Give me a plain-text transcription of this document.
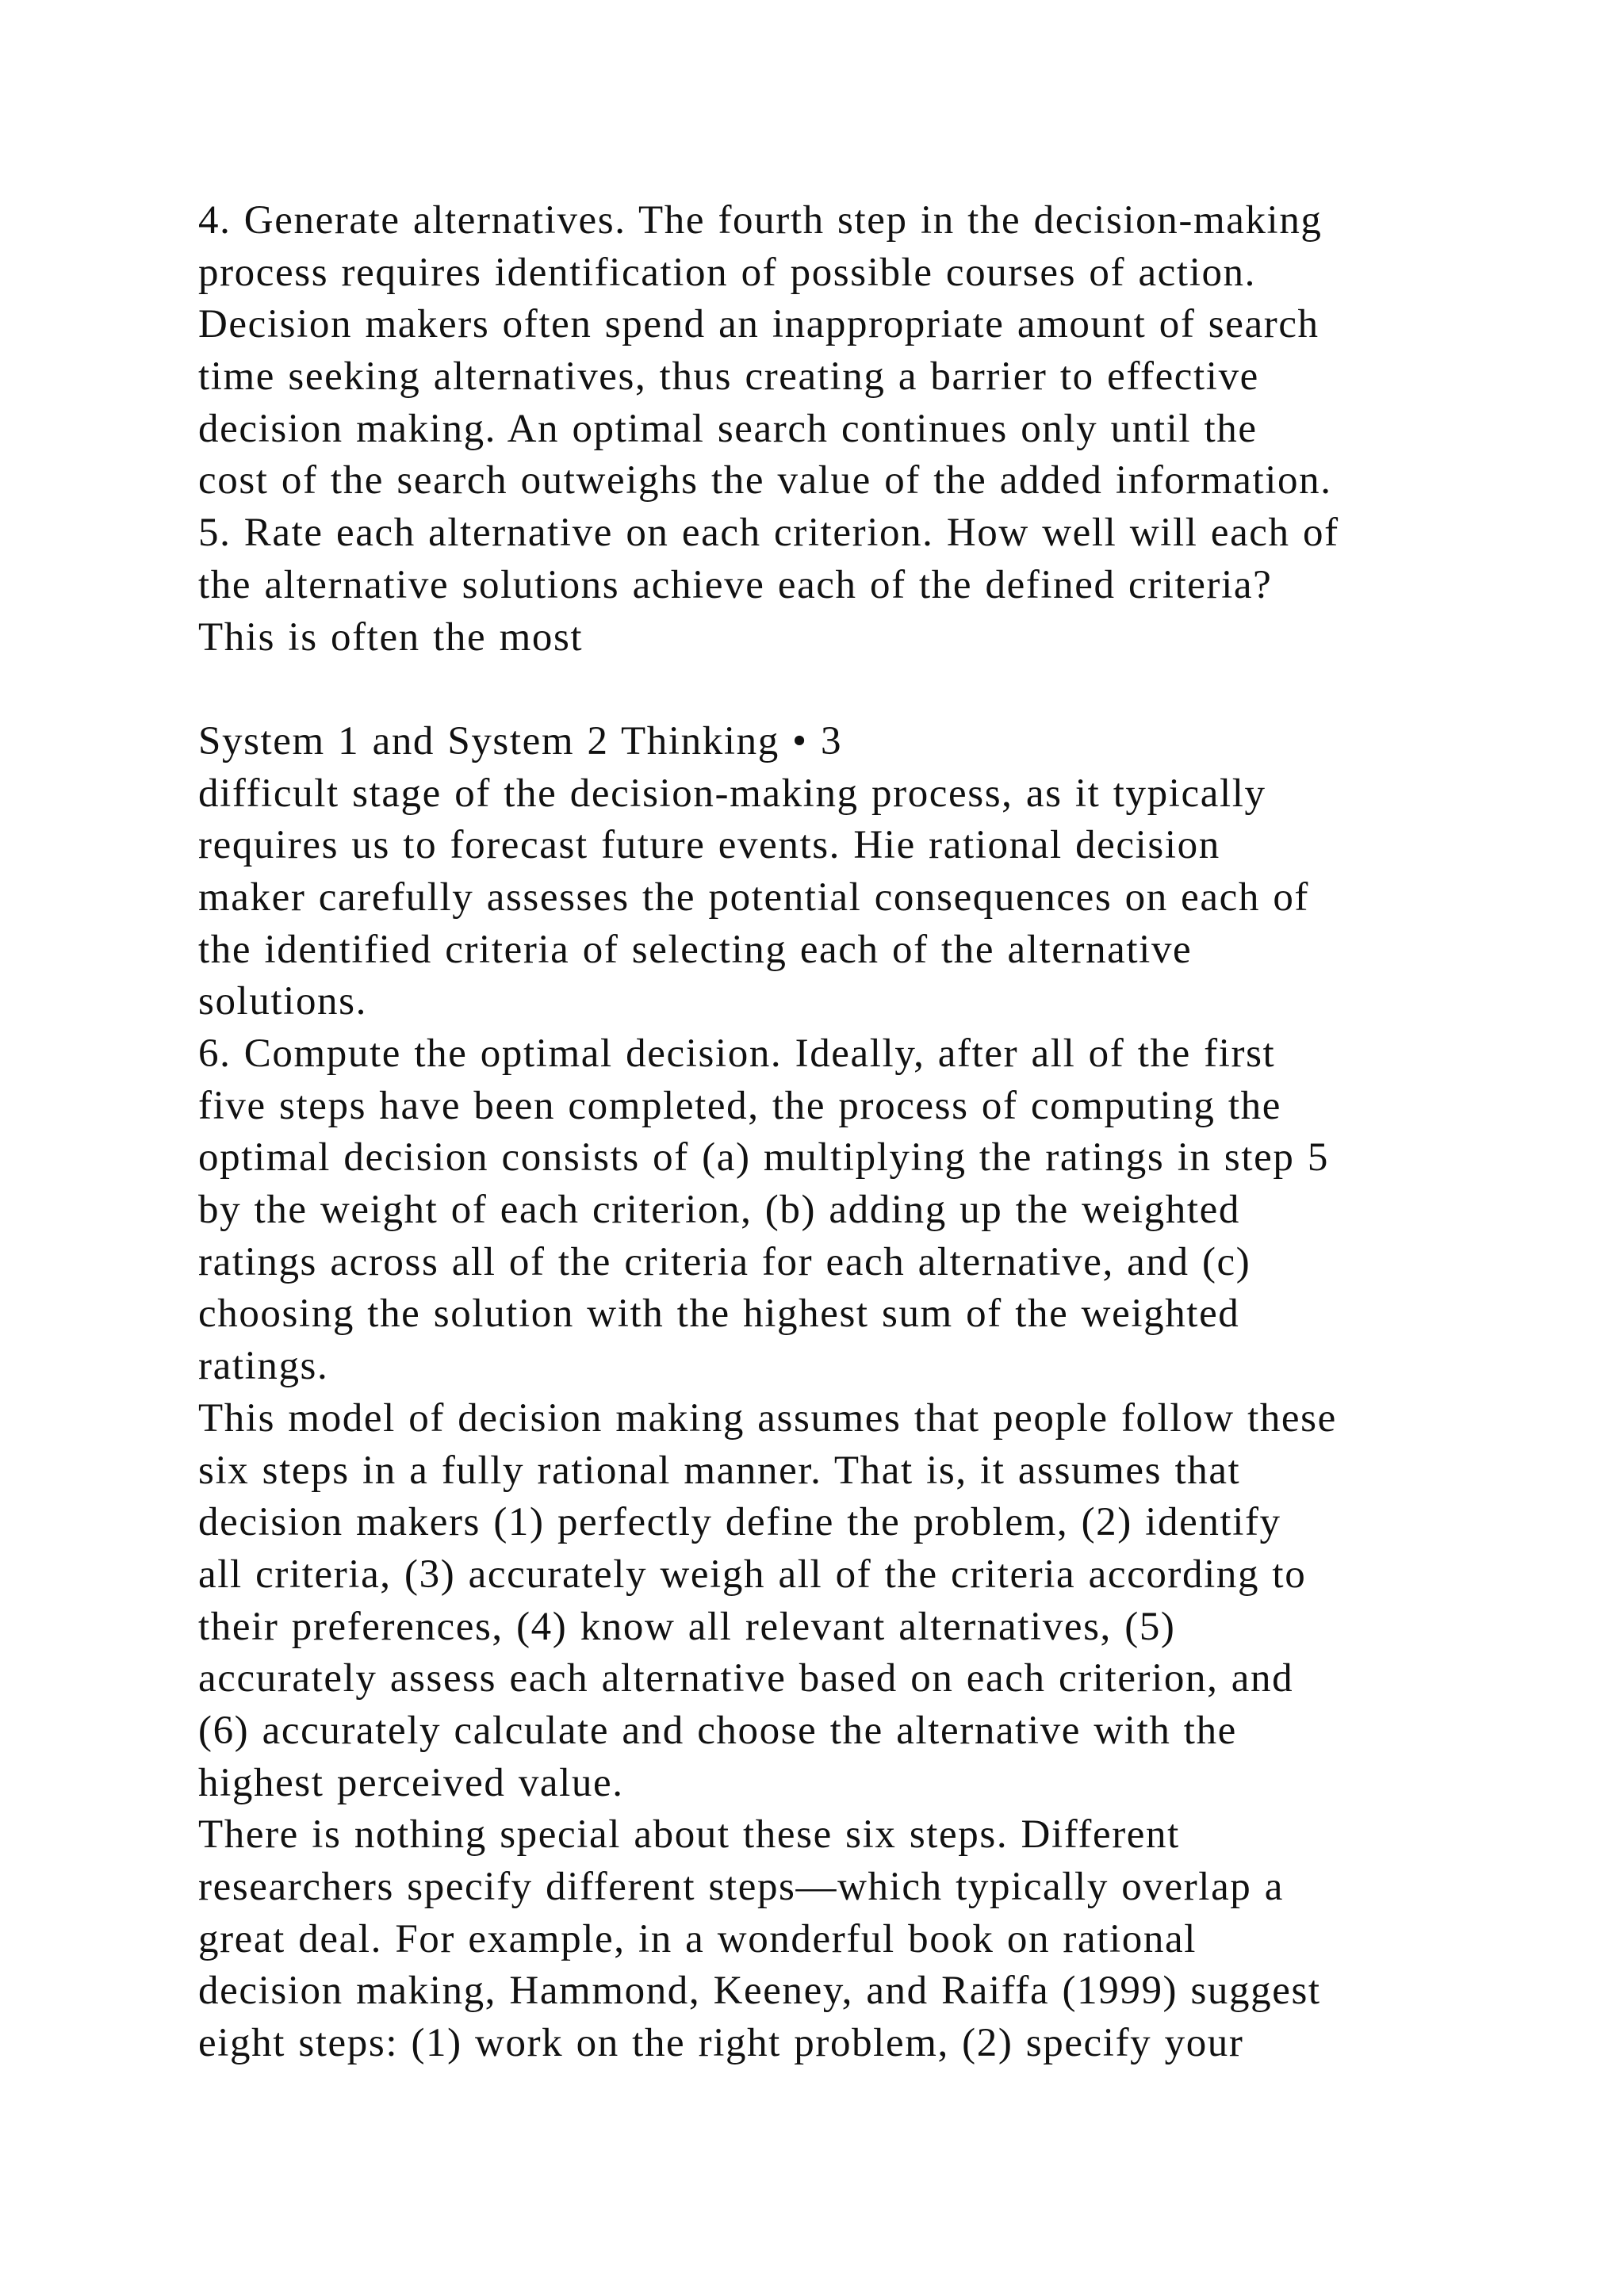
4. Generate alternatives. The fourth step in the decision-making
process requires identification of possible courses of action.
Decision makers often spend an inappropriate amount of search
time seeking alternatives, thus creating a barrier to effective
decision making. An optimal search continues only until the
cost of the search outweighs the value of the added information.
5. Rate each alternative on each criterion. How well will each of
the alternative solutions achieve each of the defined criteria?
This is often the most
System 1 and System 2 Thinking • 3
difficult stage of the decision-making process, as it typically
requires us to forecast future events. Hie rational decision
maker carefully assesses the potential consequences on each of
the identified criteria of selecting each of the alternative
solutions.
6. Compute the optimal decision. Ideally, after all of the first
five steps have been completed, the process of computing the
optimal decision consists of (a) multiplying the ratings in step 5
by the weight of each criterion, (b) adding up the weighted
ratings across all of the criteria for each alternative, and (c)
choosing the solution with the highest sum of the weighted
ratings.
This model of decision making assumes that people follow these
six steps in a fully rational manner. That is, it assumes that
decision makers (1) perfectly define the problem, (2) identify
all criteria, (3) accurately weigh all of the criteria according to
their preferences, (4) know all relevant alternatives, (5)
accurately assess each alternative based on each criterion, and
(6) accurately calculate and choose the alternative with the
highest perceived value.
There is nothing special about these six steps. Different
researchers specify different steps—which typically overlap a
great deal. For example, in a wonderful book on rational
decision making, Hammond, Keeney, and Raiffa (1999) suggest
eight steps: (1) work on the right problem, (2) specify your
